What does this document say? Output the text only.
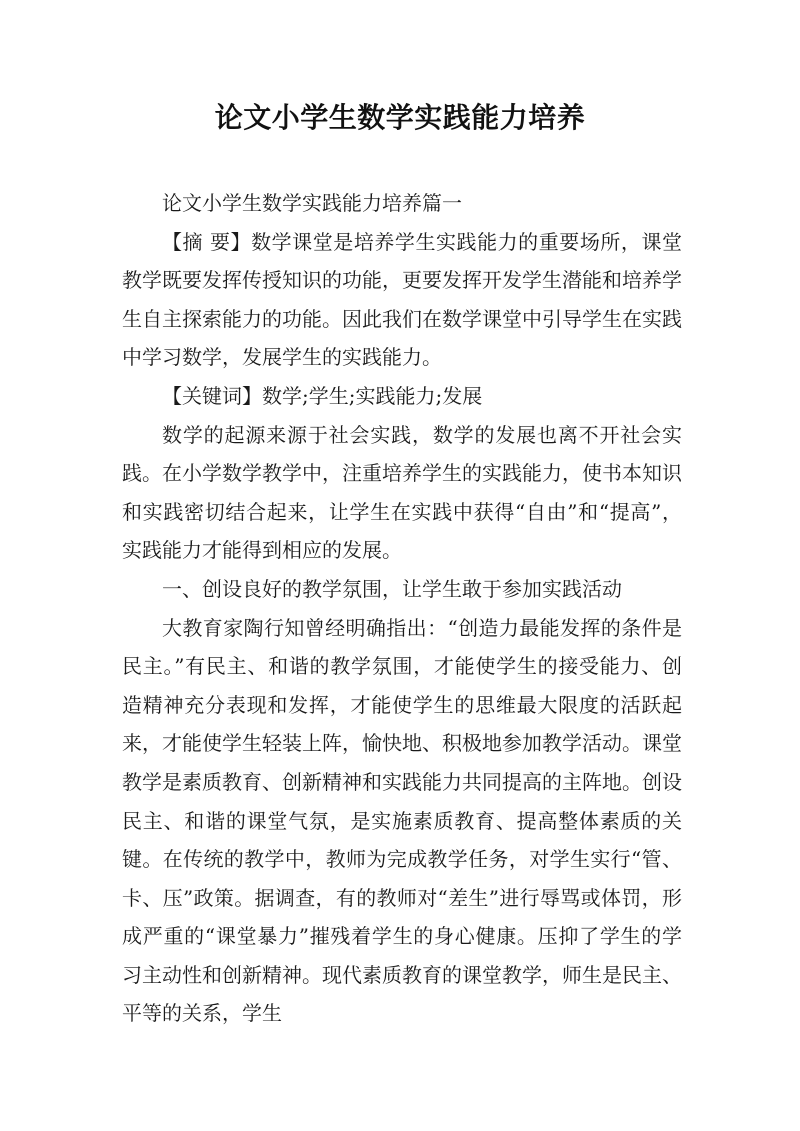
论文小学生数学实践能力培养

论文小学生数学实践能力培养篇一

【摘 要】数学课堂是培养学生实践能力的重要场所，课堂教学既要发挥传授知识的功能，更要发挥开发学生潜能和培养学生自主探索能力的功能。因此我们在数学课堂中引导学生在实践中学习数学，发展学生的实践能力。

【关键词】数学;学生;实践能力;发展

数学的起源来源于社会实践，数学的发展也离不开社会实践。在小学数学教学中，注重培养学生的实践能力，使书本知识和实践密切结合起来，让学生在实践中获得“自由”和“提高”，实践能力才能得到相应的发展。

一、创设良好的教学氛围，让学生敢于参加实践活动

大教育家陶行知曾经明确指出：“创造力最能发挥的条件是民主。”有民主、和谐的教学氛围，才能使学生的接受能力、创造精神充分表现和发挥，才能使学生的思维最大限度的活跃起来，才能使学生轻装上阵，愉快地、积极地参加教学活动。课堂教学是素质教育、创新精神和实践能力共同提高的主阵地。创设民主、和谐的课堂气氛，是实施素质教育、提高整体素质的关键。在传统的教学中，教师为完成教学任务，对学生实行“管、卡、压”政策。据调查，有的教师对“差生”进行辱骂或体罚，形成严重的“课堂暴力”摧残着学生的身心健康。压抑了学生的学习主动性和创新精神。现代素质教育的课堂教学，师生是民主、平等的关系，学生
